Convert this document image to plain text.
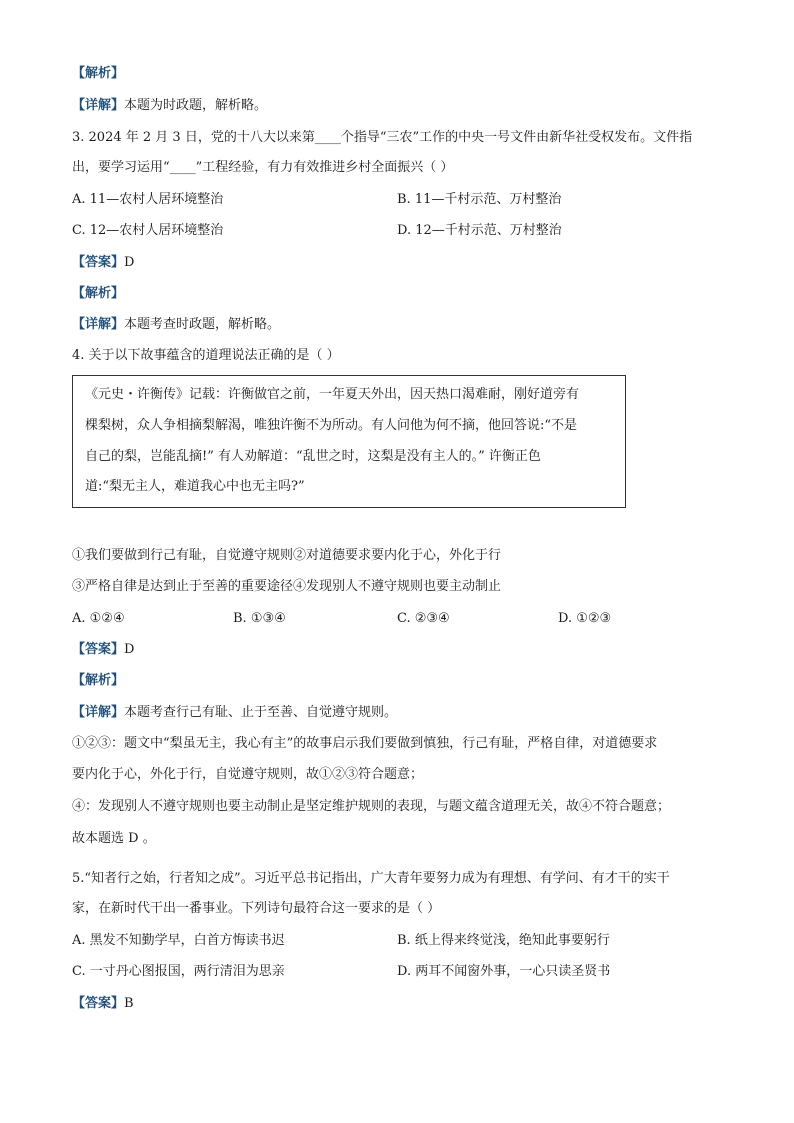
【解析】
【详解】本题为时政题，解析略。
3. 2024 年 2 月 3 日，党的十八大以来第____个指导“三农”工作的中央一号文件由新华社受权发布。文件指
出，要学习运用“____”工程经验，有力有效推进乡村全面振兴（ ）
A. 11—农村人居环境整治	B. 11—千村示范、万村整治
C. 12—农村人居环境整治	D. 12—千村示范、万村整治
【答案】D
【解析】
【详解】本题考查时政题，解析略。
4. 关于以下故事蕴含的道理说法正确的是（ ）
《元史・许衡传》记载：许衡做官之前，一年夏天外出，因天热口渴难耐，刚好道旁有
棵梨树，众人争相摘梨解渴，唯独许衡不为所动。有人问他为何不摘，他回答说:“不是
自己的梨，岂能乱摘!” 有人劝解道：“乱世之时，这梨是没有主人的。” 许衡正色
道:“梨无主人，难道我心中也无主吗?”
①我们要做到行己有耻，自觉遵守规则②对道德要求要内化于心，外化于行
③严格自律是达到止于至善的重要途径④发现别人不遵守规则也要主动制止
A. ①②④	B. ①③④	C. ②③④	D. ①②③
【答案】D
【解析】
【详解】本题考查行己有耻、止于至善、自觉遵守规则。
①②③：题文中“梨虽无主，我心有主”的故事启示我们要做到慎独，行己有耻，严格自律，对道德要求
要内化于心，外化于行，自觉遵守规则，故①②③符合题意；
④：发现别人不遵守规则也要主动制止是坚定维护规则的表现，与题文蕴含道理无关，故④不符合题意；
故本题选 D 。
5.“知者行之始，行者知之成”。习近平总书记指出，广大青年要努力成为有理想、有学问、有才干的实干
家，在新时代干出一番事业。下列诗句最符合这一要求的是（ ）
A. 黑发不知勤学早，白首方悔读书迟	B. 纸上得来终觉浅，绝知此事要躬行
C. 一寸丹心图报国，两行清泪为思亲	D. 两耳不闻窗外事，一心只读圣贤书
【答案】B
